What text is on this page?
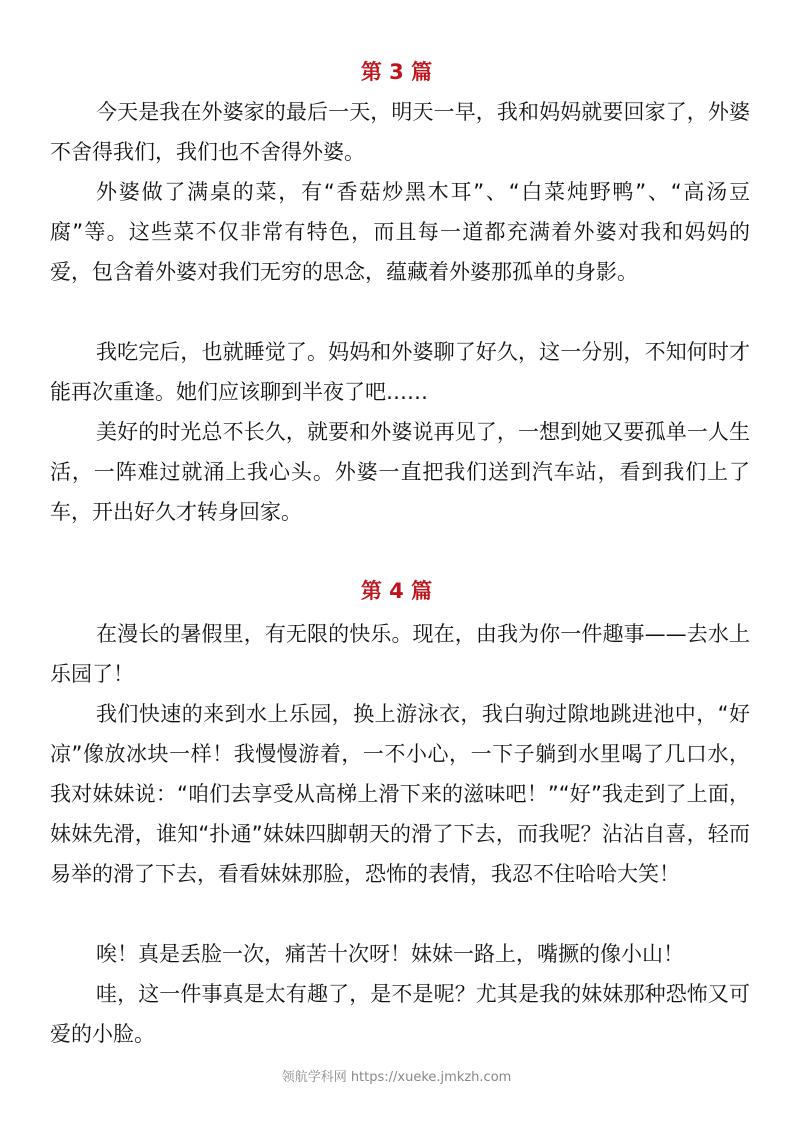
第 3 篇

今天是我在外婆家的最后一天，明天一早，我和妈妈就要回家了，外婆不舍得我们，我们也不舍得外婆。

外婆做了满桌的菜，有“香菇炒黑木耳”、“白菜炖野鸭”、“高汤豆腐”等。这些菜不仅非常有特色，而且每一道都充满着外婆对我和妈妈的爱，包含着外婆对我们无穷的思念，蕴藏着外婆那孤单的身影。

我吃完后，也就睡觉了。妈妈和外婆聊了好久，这一分别，不知何时才能再次重逢。她们应该聊到半夜了吧……

美好的时光总不长久，就要和外婆说再见了，一想到她又要孤单一人生活，一阵难过就涌上我心头。外婆一直把我们送到汽车站，看到我们上了车，开出好久才转身回家。

第 4 篇

在漫长的暑假里，有无限的快乐。现在，由我为你一件趣事——去水上乐园了！

我们快速的来到水上乐园，换上游泳衣，我白驹过隙地跳进池中，“好凉”像放冰块一样！我慢慢游着，一不小心，一下子躺到水里喝了几口水，我对妹妹说：“咱们去享受从高梯上滑下来的滋味吧！”“好”我走到了上面，妹妹先滑，谁知“扑通”妹妹四脚朝天的滑了下去，而我呢？沾沾自喜，轻而易举的滑了下去，看看妹妹那脸，恐怖的表情，我忍不住哈哈大笑！

唉！真是丢脸一次，痛苦十次呀！妹妹一路上，嘴撅的像小山！

哇，这一件事真是太有趣了，是不是呢？尤其是我的妹妹那种恐怖又可爱的小脸。

领航学科网 https://xueke.jmkzh.com
